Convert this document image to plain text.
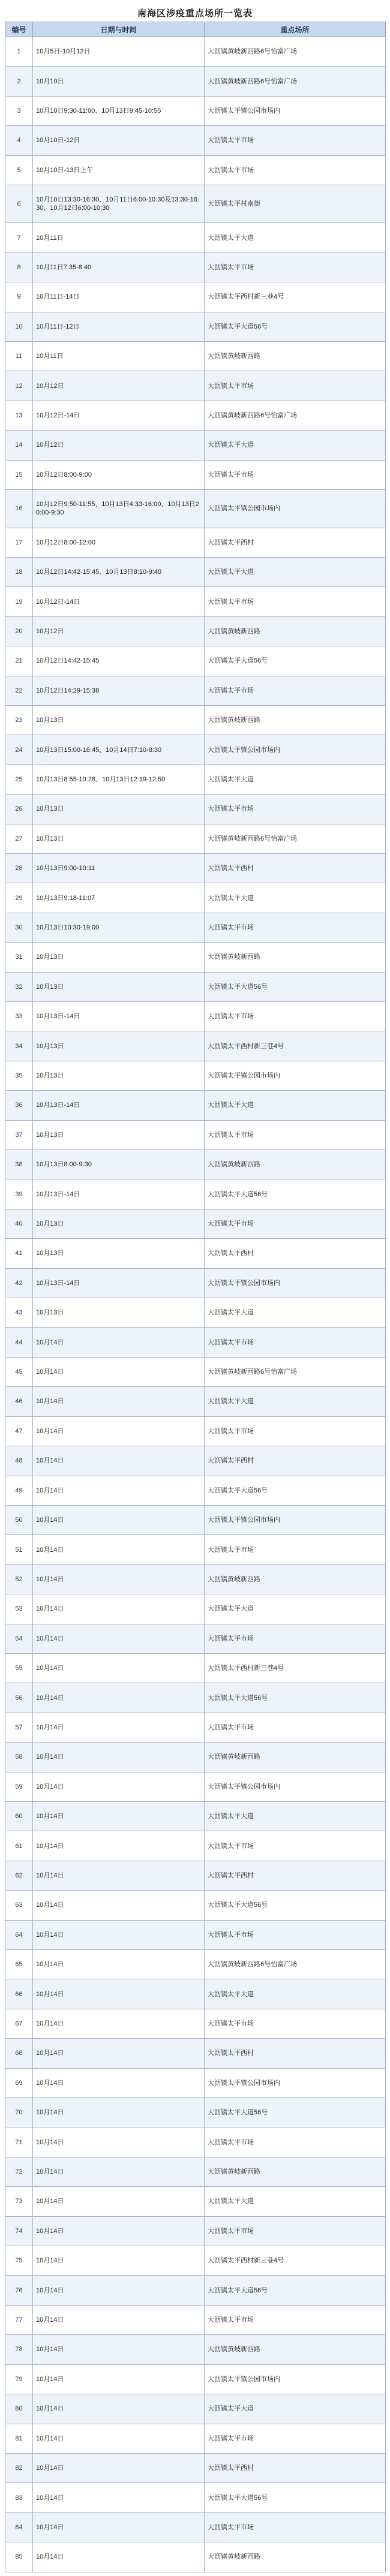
南海区涉疫重点场所一览表
编号	日期与时间	重点场所
1	10月5日-10月12日	大沥镇黄岐新西路6号怡富广场
2	10月10日	大沥镇黄岐新西路6号怡富广场
3	10月10日9:30-11:00、10月13日9:45-10:55	大沥镇太平镇公园市场内
4	10月10日-12日	大沥镇太平市场
5	10月10日-13日上午	大沥镇太平市场
6	10月10日13:30-16:30、10月11日6:00-10:30及13:30-16:30、10月12日6:00-10:30	大沥镇太平村南街
7	10月11日	大沥镇太平大道
8	10月11日7:35-8:40	大沥镇太平市场
9	10月11日-14日	大沥镇太平西村新三巷4号
10	10月11日-12日	大沥镇太平大道56号
11	10月11日	大沥镇黄岐新西路
12	10月12日	大沥镇太平市场
13	10月12日-14日	大沥镇黄岐新西路6号怡富广场
14	10月12日	大沥镇太平大道
15	10月12日8:00-9:00	大沥镇太平市场
16	10月12日9:50-11:55、10月13日4:33-16:00、10月13日20:00-9:30	大沥镇太平镇公园市场内
17	10月12日8:00-12:00	大沥镇太平西村
18	10月12日14:42-15:45、10月13日8:10-9:40	大沥镇太平大道
19	10月12日-14日	大沥镇太平市场
20	10月12日	大沥镇黄岐新西路
21	10月12日14:42-15:45	大沥镇太平大道56号
22	10月12日14:29-15:38	大沥镇太平市场
23	10月13日	大沥镇黄岐新西路
24	10月13日15:00-16:45、10月14日7:10-8:30	大沥镇太平镇公园市场内
25	10月13日8:55-10:28、10月13日12:19-12:50	大沥镇太平大道
26	10月13日	大沥镇太平市场
27	10月13日	大沥镇黄岐新西路6号怡富广场
28	10月13日9:00-10:11	大沥镇太平西村
29	10月13日9:18-11:07	大沥镇太平大道
30	10月13日10:30-19:00	大沥镇太平市场
31	10月13日	大沥镇黄岐新西路
32	10月13日	大沥镇太平大道56号
33	10月13日-14日	大沥镇太平市场
34	10月13日	大沥镇太平西村新三巷4号
35	10月13日	大沥镇太平镇公园市场内
36	10月13日-14日	大沥镇太平大道
37	10月13日	大沥镇太平市场
38	10月13日8:00-9:30	大沥镇黄岐新西路
39	10月13日-14日	大沥镇太平大道56号
40	10月13日	大沥镇太平市场
41	10月13日	大沥镇太平西村
42	10月13日-14日	大沥镇太平镇公园市场内
43	10月13日	大沥镇太平大道
44	10月14日	大沥镇太平市场
45	10月14日	大沥镇黄岐新西路6号怡富广场
46	10月14日	大沥镇太平大道
47	10月14日	大沥镇太平市场
48	10月14日	大沥镇太平西村
49	10月14日	大沥镇太平大道56号
50	10月14日	大沥镇太平镇公园市场内
51	10月14日	大沥镇太平市场
52	10月14日	大沥镇黄岐新西路
53	10月14日	大沥镇太平大道
54	10月14日	大沥镇太平市场
55	10月14日	大沥镇太平西村新三巷4号
56	10月14日	大沥镇太平大道56号
57	10月14日	大沥镇太平市场
58	10月14日	大沥镇黄岐新西路
59	10月14日	大沥镇太平镇公园市场内
60	10月14日	大沥镇太平大道
61	10月14日	大沥镇太平市场
62	10月14日	大沥镇太平西村
63	10月14日	大沥镇太平大道56号
64	10月14日	大沥镇太平市场
65	10月14日	大沥镇黄岐新西路6号怡富广场
66	10月14日	大沥镇太平大道
67	10月14日	大沥镇太平市场
68	10月14日	大沥镇太平西村
69	10月14日	大沥镇太平镇公园市场内
70	10月14日	大沥镇太平大道56号
71	10月14日	大沥镇太平市场
72	10月14日	大沥镇黄岐新西路
73	10月14日	大沥镇太平大道
74	10月14日	大沥镇太平市场
75	10月14日	大沥镇太平西村新三巷4号
76	10月14日	大沥镇太平大道56号
77	10月14日	大沥镇太平市场
78	10月14日	大沥镇黄岐新西路
79	10月14日	大沥镇太平镇公园市场内
80	10月14日	大沥镇太平大道
81	10月14日	大沥镇太平市场
82	10月14日	大沥镇太平西村
83	10月14日	大沥镇太平大道56号
84	10月14日	大沥镇太平市场
85	10月14日	大沥镇黄岐新西路
